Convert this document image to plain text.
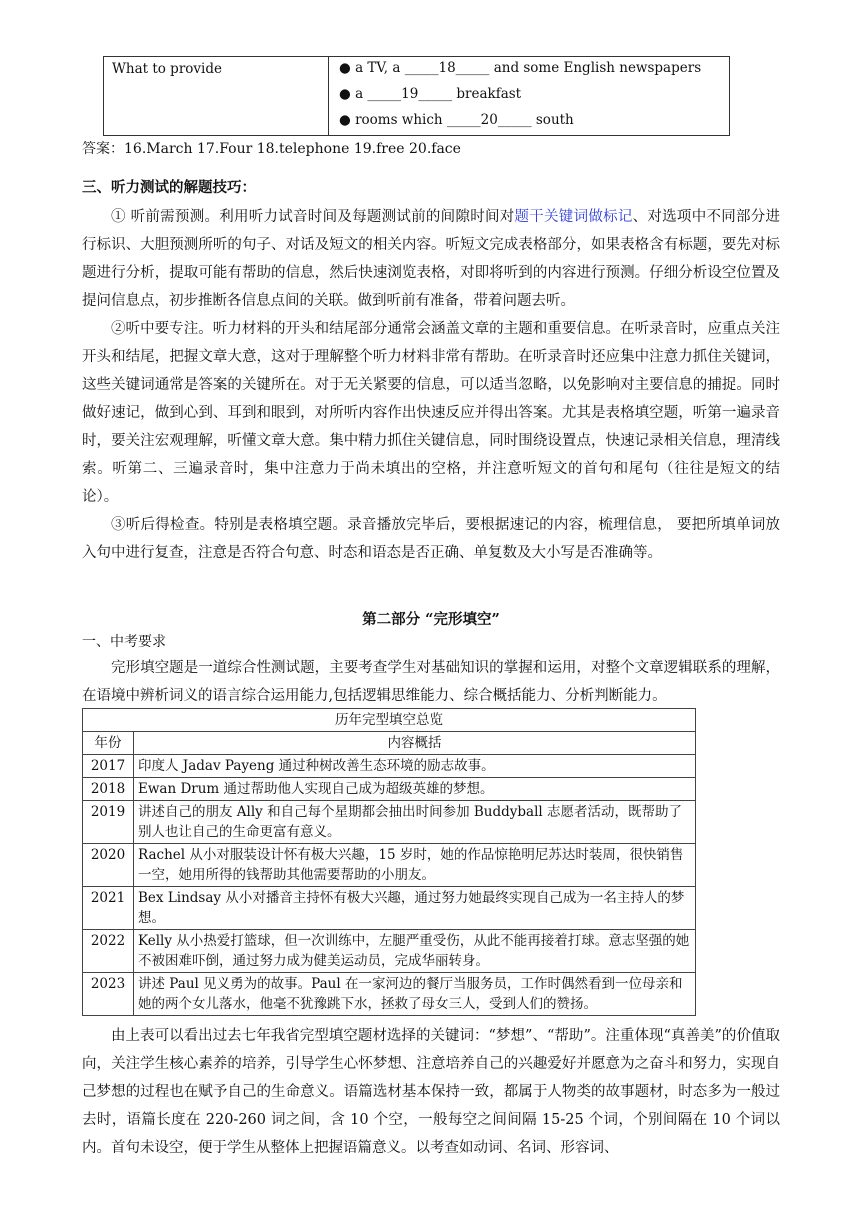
What to provide	● a TV, a _____18_____ and some English newspapers
● a _____19_____ breakfast
● rooms which _____20_____ south
答案：16.March 17.Four 18.telephone 19.free 20.face
三、听力测试的解题技巧：

① 听前需预测。利用听力试音时间及每题测试前的间隙时间对题干关键词做标记、对选项中不同部分进行标识、大胆预测所听的句子、对话及短文的相关内容。听短文完成表格部分，如果表格含有标题，要先对标题进行分析，提取可能有帮助的信息，然后快速浏览表格，对即将听到的内容进行预测。仔细分析设空位置及提问信息点，初步推断各信息点间的关联。做到听前有准备，带着问题去听。

②听中要专注。听力材料的开头和结尾部分通常会涵盖文章的主题和重要信息。在听录音时，应重点关注开头和结尾，把握文章大意，这对于理解整个听力材料非常有帮助。在听录音时还应集中注意力抓住关键词，这些关键词通常是答案的关键所在。对于无关紧要的信息，可以适当忽略，以免影响对主要信息的捕捉。同时做好速记，做到心到、耳到和眼到，对所听内容作出快速反应并得出答案。尤其是表格填空题，听第一遍录音时，要关注宏观理解，听懂文章大意。集中精力抓住关键信息，同时围绕设置点，快速记录相关信息，理清线索。听第二、三遍录音时，集中注意力于尚未填出的空格，并注意听短文的首句和尾句（往往是短文的结论）。

③听后得检查。特别是表格填空题。录音播放完毕后，要根据速记的内容，梳理信息， 要把所填单词放入句中进行复查，注意是否符合句意、时态和语态是否正确、单复数及大小写是否准确等。

第二部分 “完形填空”
一、中考要求

完形填空题是一道综合性测试题，主要考查学生对基础知识的掌握和运用，对整个文章逻辑联系的理解，在语境中辨析词义的语言综合运用能力,包括逻辑思维能力、综合概括能力、分析判断能力。

历年完型填空总览	
年份	内容概括
2017	印度人 Jadav Payeng 通过种树改善生态环境的励志故事。
2018	Ewan Drum 通过帮助他人实现自己成为超级英雄的梦想。
2019	讲述自己的朋友 Ally 和自己每个星期都会抽出时间参加 Buddyball 志愿者活动，既帮助了别人也让自己的生命更富有意义。
2020	Rachel 从小对服装设计怀有极大兴趣，15 岁时，她的作品惊艳明尼苏达时装周，很快销售一空，她用所得的钱帮助其他需要帮助的小朋友。
2021	Bex Lindsay 从小对播音主持怀有极大兴趣，通过努力她最终实现自己成为一名主持人的梦想。
2022	Kelly 从小热爱打篮球，但一次训练中，左腿严重受伤，从此不能再接着打球。意志坚强的她不被困难吓倒，通过努力成为健美运动员，完成华丽转身。
2023	讲述 Paul 见义勇为的故事。Paul 在一家河边的餐厅当服务员，工作时偶然看到一位母亲和她的两个女儿落水，他毫不犹豫跳下水，拯救了母女三人，受到人们的赞扬。

由上表可以看出过去七年我省完型填空题材选择的关键词：“梦想”、“帮助”。注重体现“真善美”的价值取向，关注学生核心素养的培养，引导学生心怀梦想、注意培养自己的兴趣爱好并愿意为之奋斗和努力，实现自己梦想的过程也在赋予自己的生命意义。语篇选材基本保持一致，都属于人物类的故事题材，时态多为一般过去时，语篇长度在 220-260 词之间，含 10 个空，一般每空之间间隔 15-25 个词，个别间隔在 10 个词以内。首句未设空，便于学生从整体上把握语篇意义。以考查如动词、名词、形容词、
